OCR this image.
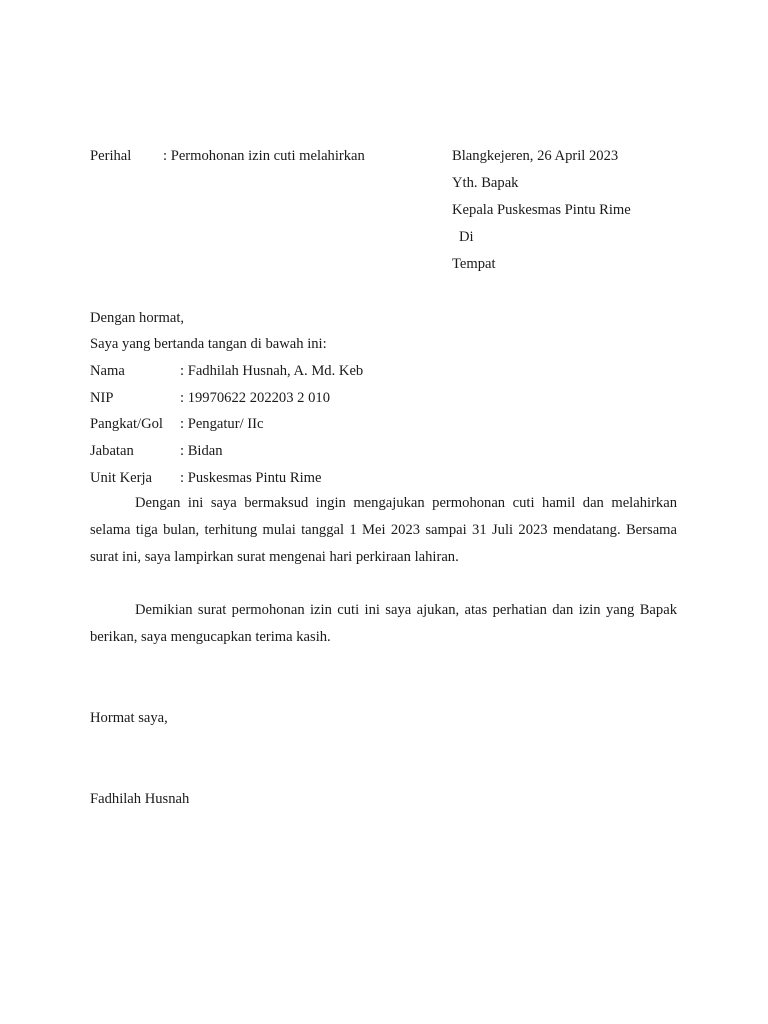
Perihal : Permohonan izin cuti melahirkan	Blangkejeren, 26 April 2023
Yth. Bapak
Kepala Puskesmas Pintu Rime
Di
Tempat
Dengan hormat,
Saya yang bertanda tangan di bawah ini:
Nama	: Fadhilah Husnah, A. Md. Keb
NIP	: 19970622 202203 2 010
Pangkat/Gol : Pengatur/ IIc
Jabatan	: Bidan
Unit Kerja : Puskesmas Pintu Rime
Dengan ini saya bermaksud ingin mengajukan permohonan cuti hamil dan melahirkan selama tiga bulan, terhitung mulai tanggal 1 Mei 2023 sampai 31 Juli 2023 mendatang. Bersama surat ini, saya lampirkan surat mengenai hari perkiraan lahiran.
Demikian surat permohonan izin cuti ini saya ajukan, atas perhatian dan izin yang Bapak berikan, saya mengucapkan terima kasih.
Hormat saya,
Fadhilah Husnah
